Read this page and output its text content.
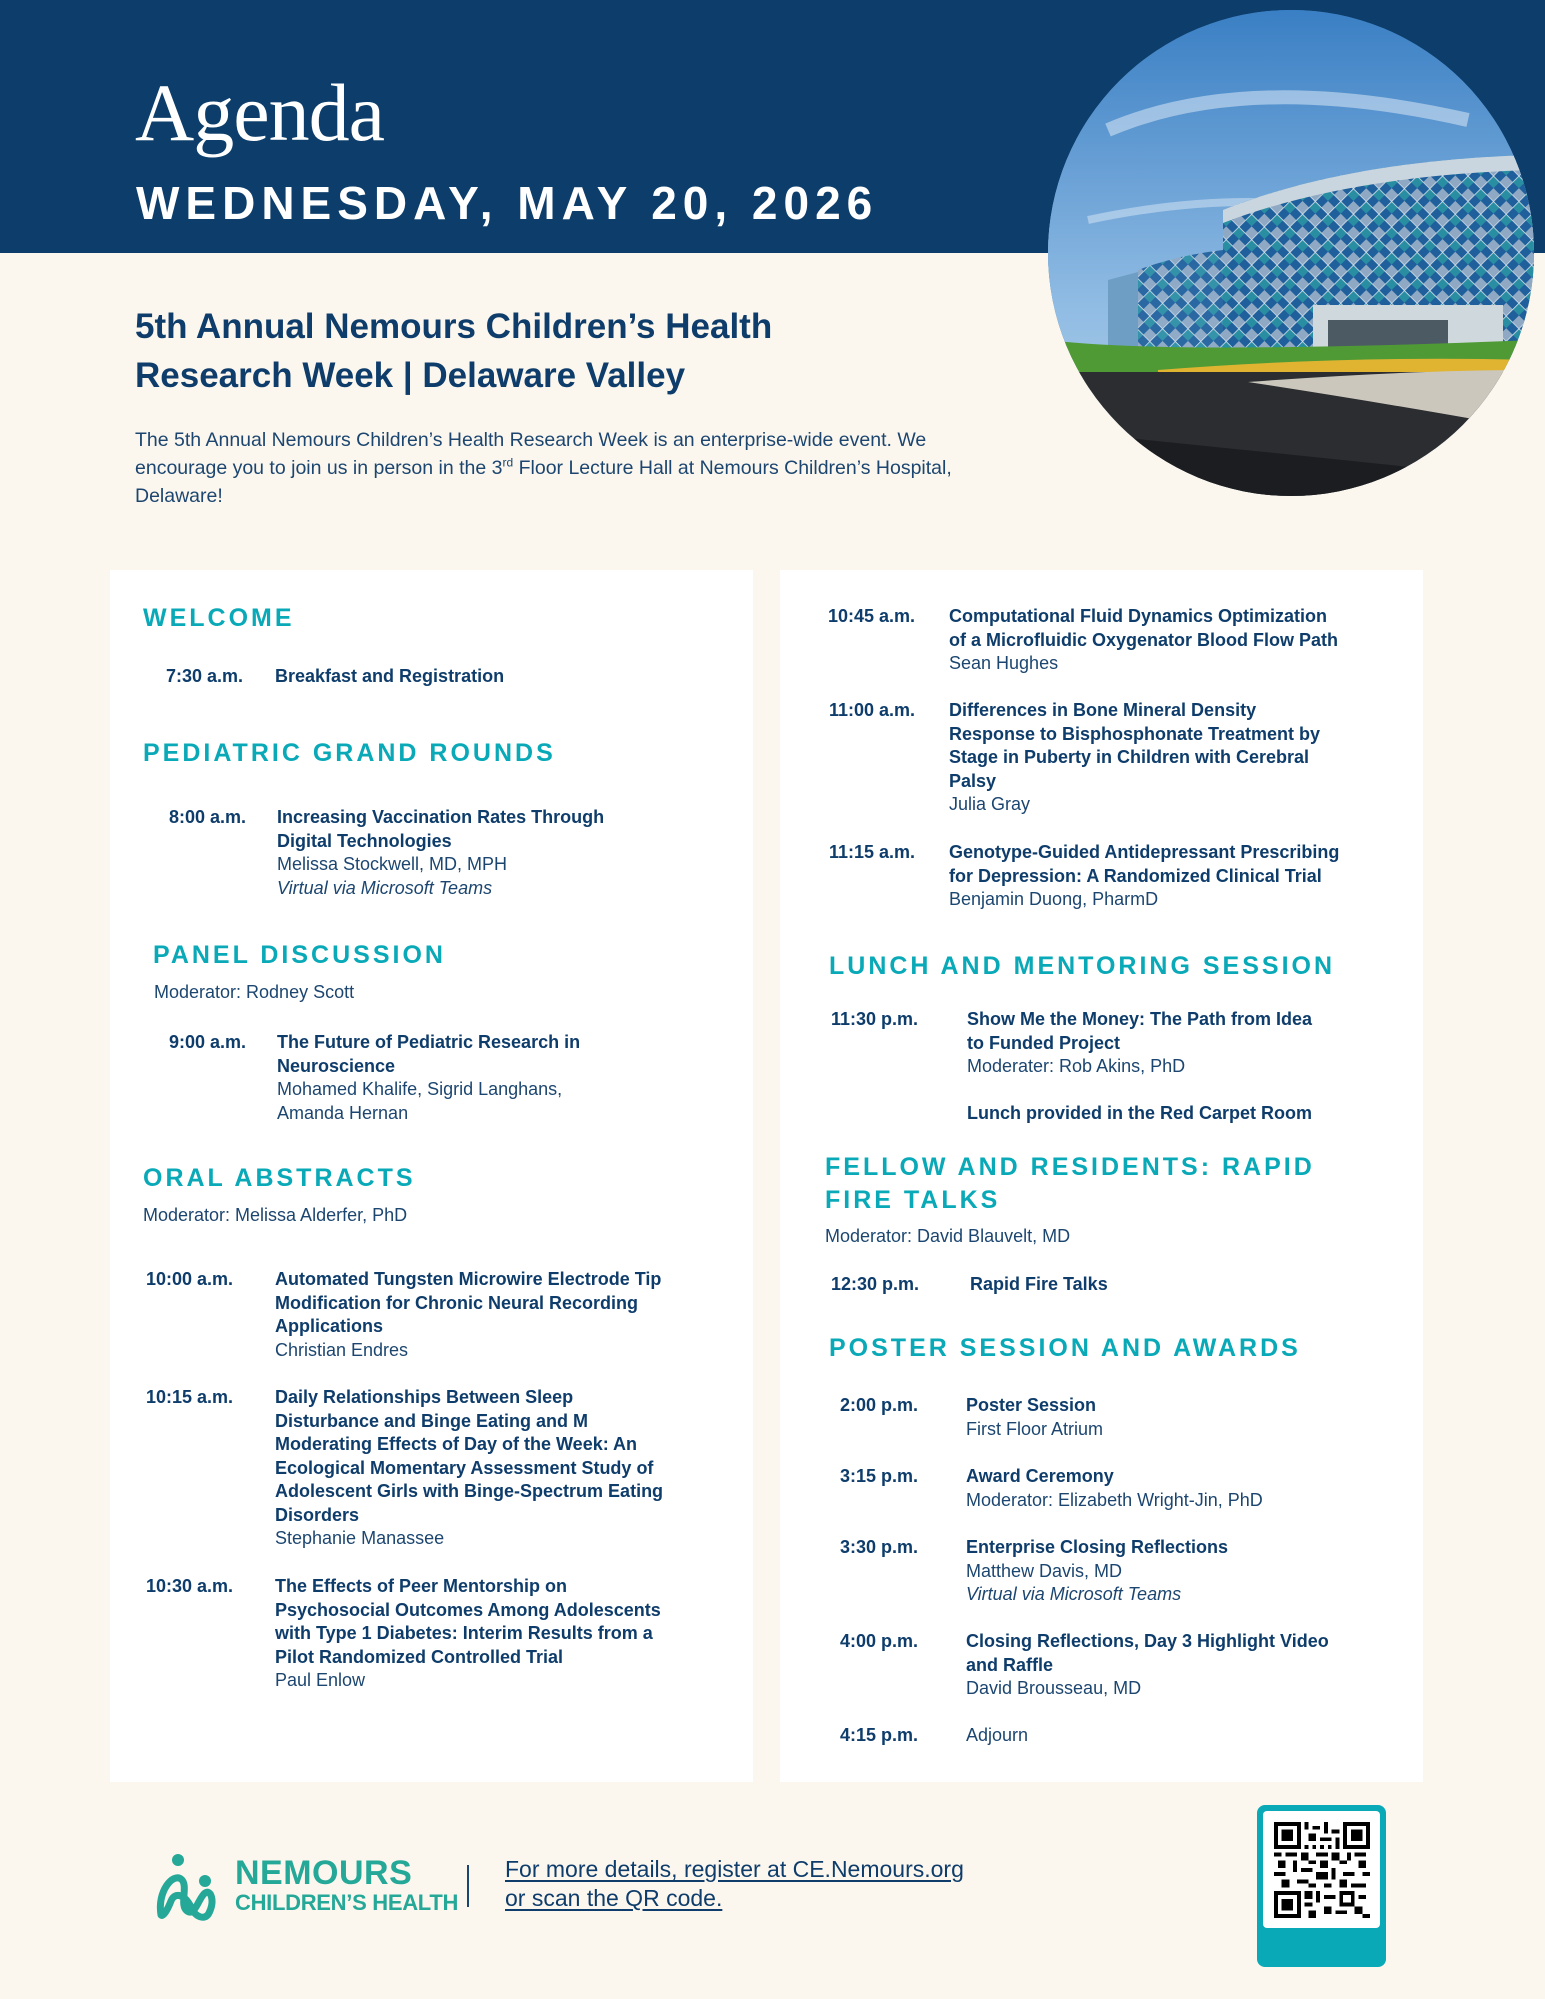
Agenda
WEDNESDAY, MAY 20, 2026
5th Annual Nemours Children’s Health
Research Week | Delaware Valley
The 5th Annual Nemours Children’s Health Research Week is an enterprise-wide event. We encourage you to join us in person in the 3rd Floor Lecture Hall at Nemours Children’s Hospital, Delaware!
WELCOME
7:30 a.m. Breakfast and Registration
PEDIATRIC GRAND ROUNDS
8:00 a.m. Increasing Vaccination Rates Through
Digital Technologies
Melissa Stockwell, MD, MPH
Virtual via Microsoft Teams
PANEL DISCUSSION
Moderator: Rodney Scott
9:00 a.m. The Future of Pediatric Research in
Neuroscience
Mohamed Khalife, Sigrid Langhans,
Amanda Hernan
ORAL ABSTRACTS
Moderator: Melissa Alderfer, PhD
10:00 a.m. Automated Tungsten Microwire Electrode Tip
Modification for Chronic Neural Recording
Applications
Christian Endres
10:15 a.m. Daily Relationships Between Sleep
Disturbance and Binge Eating and M
Moderating Effects of Day of the Week: An
Ecological Momentary Assessment Study of
Adolescent Girls with Binge-Spectrum Eating
Disorders
Stephanie Manassee
10:30 a.m. The Effects of Peer Mentorship on
Psychosocial Outcomes Among Adolescents
with Type 1 Diabetes: Interim Results from a
Pilot Randomized Controlled Trial
Paul Enlow
10:45 a.m. Computational Fluid Dynamics Optimization
of a Microfluidic Oxygenator Blood Flow Path
Sean Hughes
11:00 a.m. Differences in Bone Mineral Density
Response to Bisphosphonate Treatment by
Stage in Puberty in Children with Cerebral
Palsy
Julia Gray
11:15 a.m. Genotype-Guided Antidepressant Prescribing
for Depression: A Randomized Clinical Trial
Benjamin Duong, PharmD
LUNCH AND MENTORING SESSION
11:30 p.m.	Show Me the Money: The Path from Idea
to Funded Project
Moderater: Rob Akins, PhD
Lunch provided in the Red Carpet Room
FELLOW AND RESIDENTS: RAPID
FIRE TALKS
Moderator: David Blauvelt, MD
12:30 p.m.	Rapid Fire Talks
POSTER SESSION AND AWARDS
2:00 p.m.	Poster Session
First Floor Atrium
3:15 p.m.	Award Ceremony
Moderator: Elizabeth Wright-Jin, PhD
3:30 p.m.	Enterprise Closing Reflections
Matthew Davis, MD
Virtual via Microsoft Teams
4:00 p.m.	Closing Reflections, Day 3 Highlight Video
and Raffle
David Brousseau, MD
4:15 p.m.	Adjourn
NEMOURS
CHILDREN’S HEALTH
For more details, register at CE.Nemours.org
or scan the QR code.
